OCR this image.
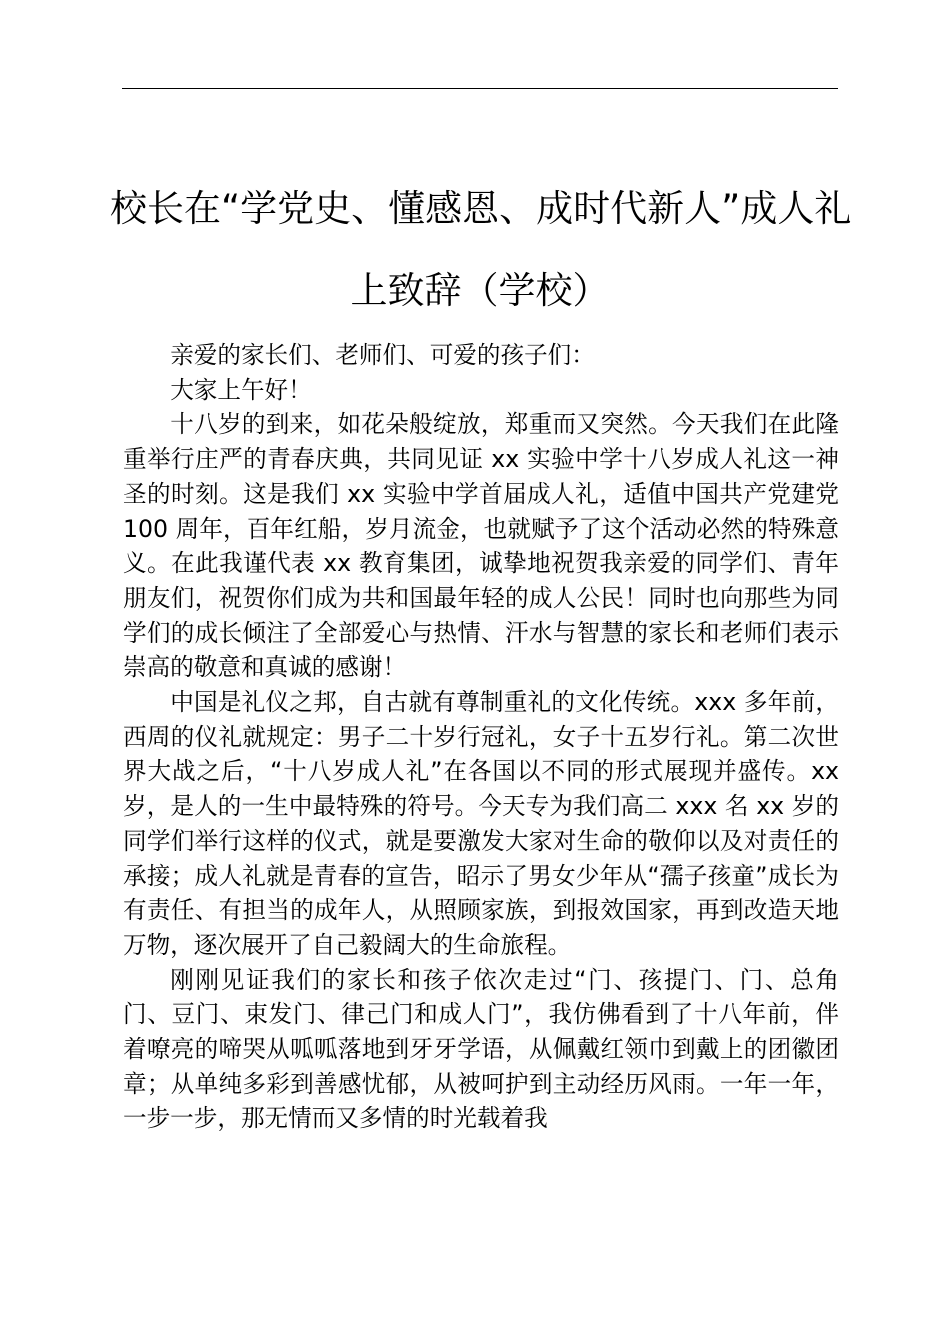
校长在“学党史、懂感恩、成时代新人”成人礼
上致辞（学校）

亲爱的家长们、老师们、可爱的孩子们：

大家上午好！

十八岁的到来，如花朵般绽放，郑重而又突然。今天我们在此隆重举行庄严的青春庆典，共同见证 xx 实验中学十八岁成人礼这一神圣的时刻。这是我们 xx 实验中学首届成人礼，适值中国共产党建党 100 周年，百年红船，岁月流金，也就赋予了这个活动必然的特殊意义。在此我谨代表 xx 教育集团，诚挚地祝贺我亲爱的同学们、青年朋友们，祝贺你们成为共和国最年轻的成人公民！同时也向那些为同学们的成长倾注了全部爱心与热情、汗水与智慧的家长和老师们表示崇高的敬意和真诚的感谢！

中国是礼仪之邦，自古就有尊制重礼的文化传统。xxx 多年前，西周的仪礼就规定：男子二十岁行冠礼，女子十五岁行礼。第二次世界大战之后，“十八岁成人礼”在各国以不同的形式展现并盛传。xx 岁，是人的一生中最特殊的符号。今天专为我们高二 xxx 名 xx 岁的同学们举行这样的仪式，就是要激发大家对生命的敬仰以及对责任的承接；成人礼就是青春的宣告，昭示了男女少年从“孺子孩童”成长为有责任、有担当的成年人，从照顾家族，到报效国家，再到改造天地万物，逐次展开了自己毅阔大的生命旅程。

刚刚见证我们的家长和孩子依次走过“门、孩提门、门、总角门、豆门、束发门、律己门和成人门”，我仿佛看到了十八年前，伴着嘹亮的啼哭从呱呱落地到牙牙学语，从佩戴红领巾到戴上的团徽团章；从单纯多彩到善感忧郁，从被呵护到主动经历风雨。一年一年，一步一步，那无情而又多情的时光载着我
